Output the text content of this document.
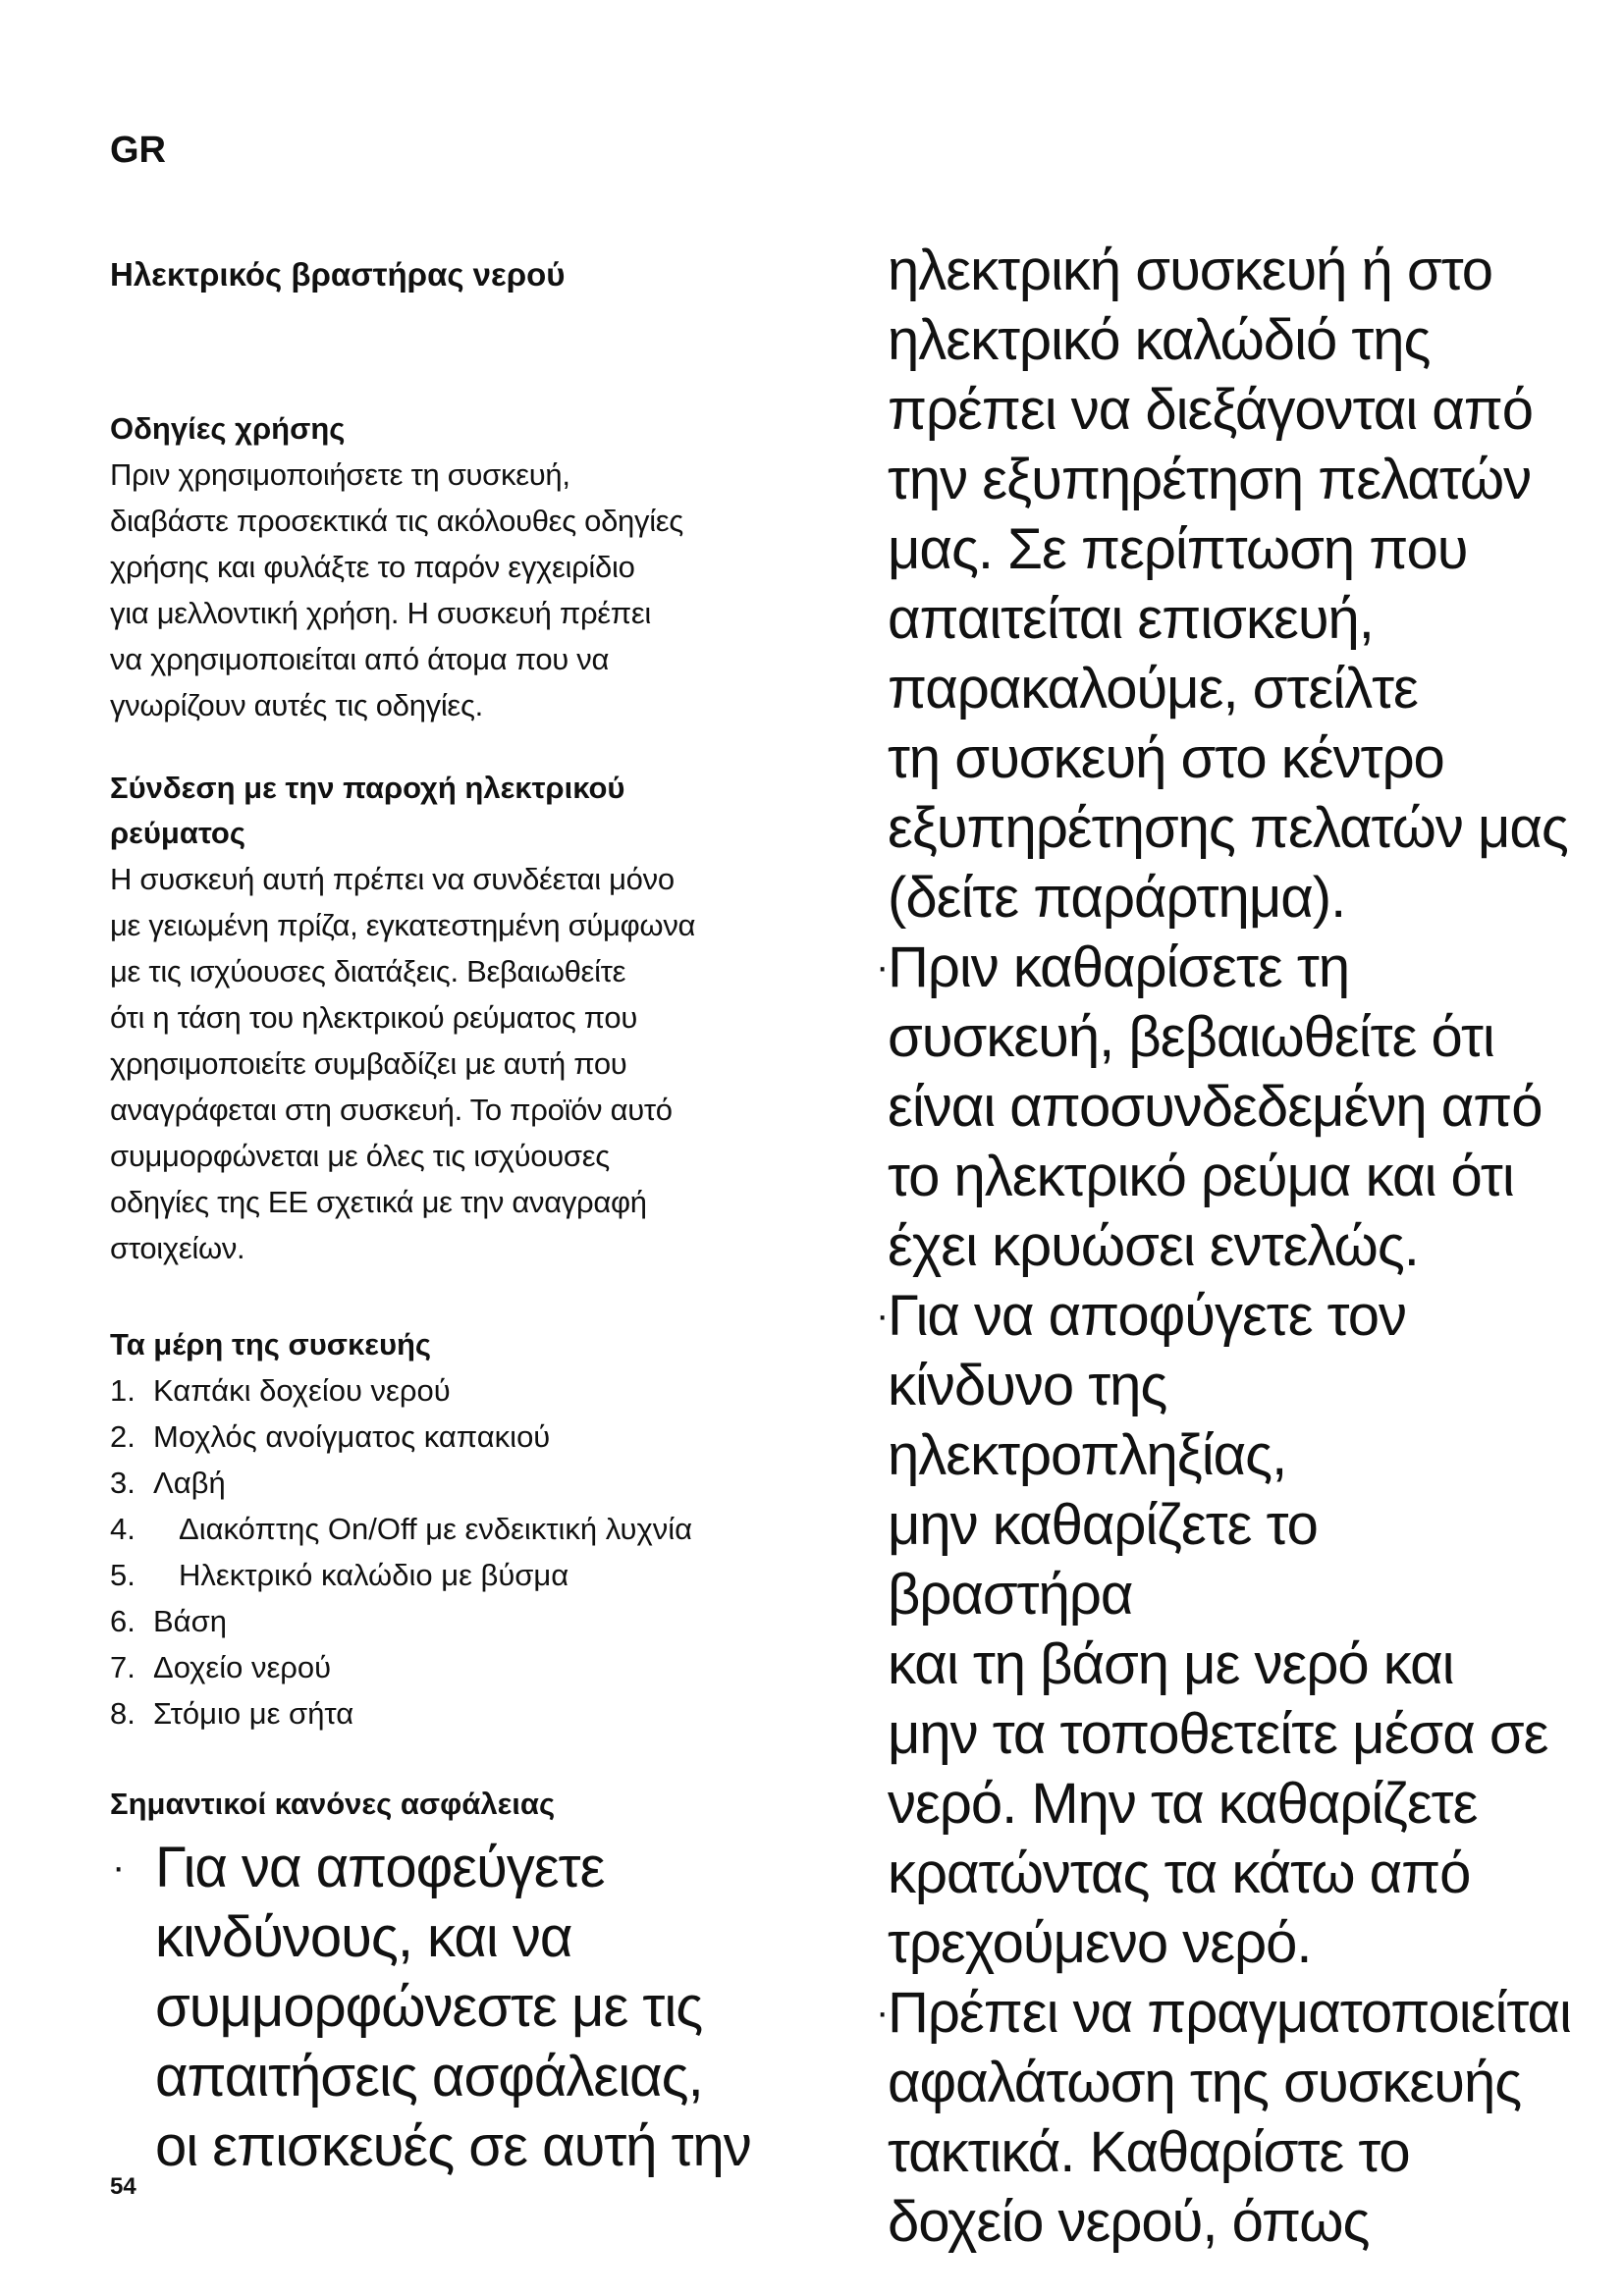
GR
Ηλεκτρικός βραστήρας νερού
Οδηγίες χρήσης

Πριν χρησιμοποιήσετε τη συσκευή,
διαβάστε προσεκτικά τις ακόλουθες οδηγίες
χρήσης και φυλάξτε το παρόν εγχειρίδιο
για μελλοντική χρήση. Η συσκευή πρέπει
να χρησιμοποιείται από άτομα που να
γνωρίζουν αυτές τις οδηγίες.

Σύνδεση με την παροχή ηλεκτρικού
ρεύματος

Η συσκευή αυτή πρέπει να συνδέεται μόνο
με γειωμένη πρίζα, εγκατεστημένη σύμφωνα
με τις ισχύουσες διατάξεις. Βεβαιωθείτε
ότι η τάση του ηλεκτρικού ρεύματος που
χρησιμοποιείτε συμβαδίζει με αυτή που
αναγράφεται στη συσκευή. Το προϊόν αυτό
συμμορφώνεται με όλες τις ισχύουσες
οδηγίες της ΕΕ σχετικά με την αναγραφή
στοιχείων.

Τα μέρη της συσκευής
1. Καπάκι δοχείου νερού
2. Μοχλός ανοίγματος καπακιού
3. Λαβή
4.	Διακόπτης On/Off με ενδεικτική λυχνία
5.	Ηλεκτρικό καλώδιο με βύσμα
6. Βάση
7. Δοχείο νερού
8. Στόμιο με σήτα
Σημαντικοί κανόνες ασφάλειας
· Για να αποφεύγετε
κινδύνους, και να
συμμορφώνεστε με τις
απαιτήσεις ασφάλειας,
οι επισκευές σε αυτή την

ηλεκτρική συσκευή ή στο
ηλεκτρικό καλώδιό της
πρέπει να διεξάγονται από
την εξυπηρέτηση πελατών
μας. Σε περίπτωση που
απαιτείται επισκευή,
παρακαλούμε, στείλτε
τη συσκευή στο κέντρο
εξυπηρέτησης πελατών μας
(δείτε παράρτημα).

· Πριν καθαρίσετε τη
συσκευή, βεβαιωθείτε ότι
είναι αποσυνδεδεμένη από
το ηλεκτρικό ρεύμα και ότι
έχει κρυώσει εντελώς.
· Για να αποφύγετε τον
κίνδυνο της ηλεκτροπληξίας,
μην καθαρίζετε το βραστήρα
και τη βάση με νερό και
μην τα τοποθετείτε μέσα σε
νερό. Μην τα καθαρίζετε
κρατώντας τα κάτω από
τρεχούμενο νερό.
· Πρέπει να πραγματοποιείται
αφαλάτωση της συσκευής
τακτικά. Καθαρίστε το
δοχείο νερού, όπως
54
